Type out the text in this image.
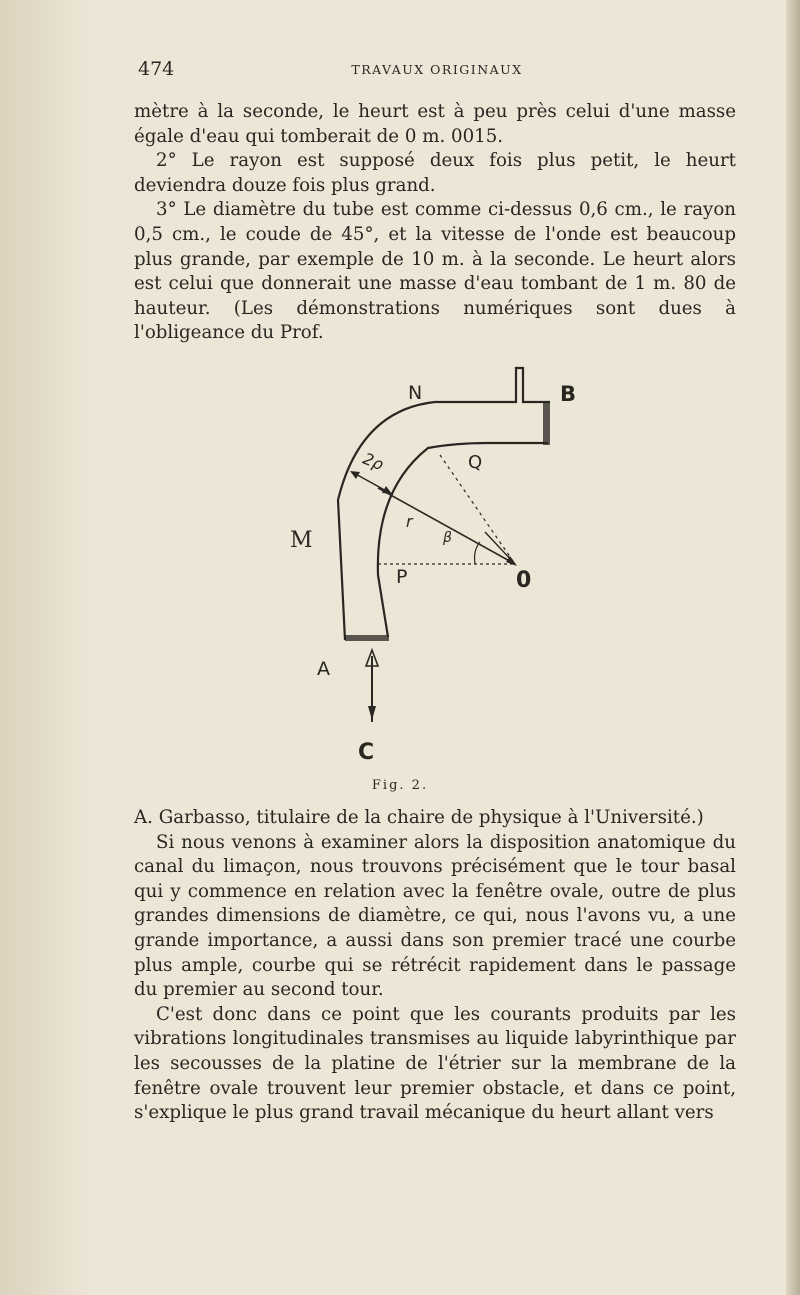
474	TRAVAUX ORIGINAUX

mètre à la seconde, le heurt est à peu près celui d'une masse égale d'eau qui tomberait de 0 m. 0015.

2° Le rayon est supposé deux fois plus petit, le heurt deviendra douze fois plus grand.

3° Le diamètre du tube est comme ci-dessus 0,6 cm., le rayon 0,5 cm., le coude de 45°, et la vitesse de l'onde est beaucoup plus grande, par exemple de 10 m. à la seconde. Le heurt alors est celui que donnerait une masse d'eau tombant de 1 m. 80 de hauteur. (Les démonstrations numériques sont dues à l'obligeance du Prof.

N	B
Q
2ρ
r
β
M
P	0
A
C
Fig. 2.

A. Garbasso, titulaire de la chaire de physique à l'Université.)

Si nous venons à examiner alors la disposition anatomique du canal du limaçon, nous trouvons précisément que le tour basal qui y commence en relation avec la fenêtre ovale, outre de plus grandes dimensions de diamètre, ce qui, nous l'avons vu, a une grande importance, a aussi dans son premier tracé une courbe plus ample, courbe qui se rétrécit rapidement dans le passage du premier au second tour.

C'est donc dans ce point que les courants produits par les vibrations longitudinales transmises au liquide labyrinthique par les secousses de la platine de l'étrier sur la membrane de la fenêtre ovale trouvent leur premier obstacle, et dans ce point, s'explique le plus grand travail mécanique du heurt allant vers
